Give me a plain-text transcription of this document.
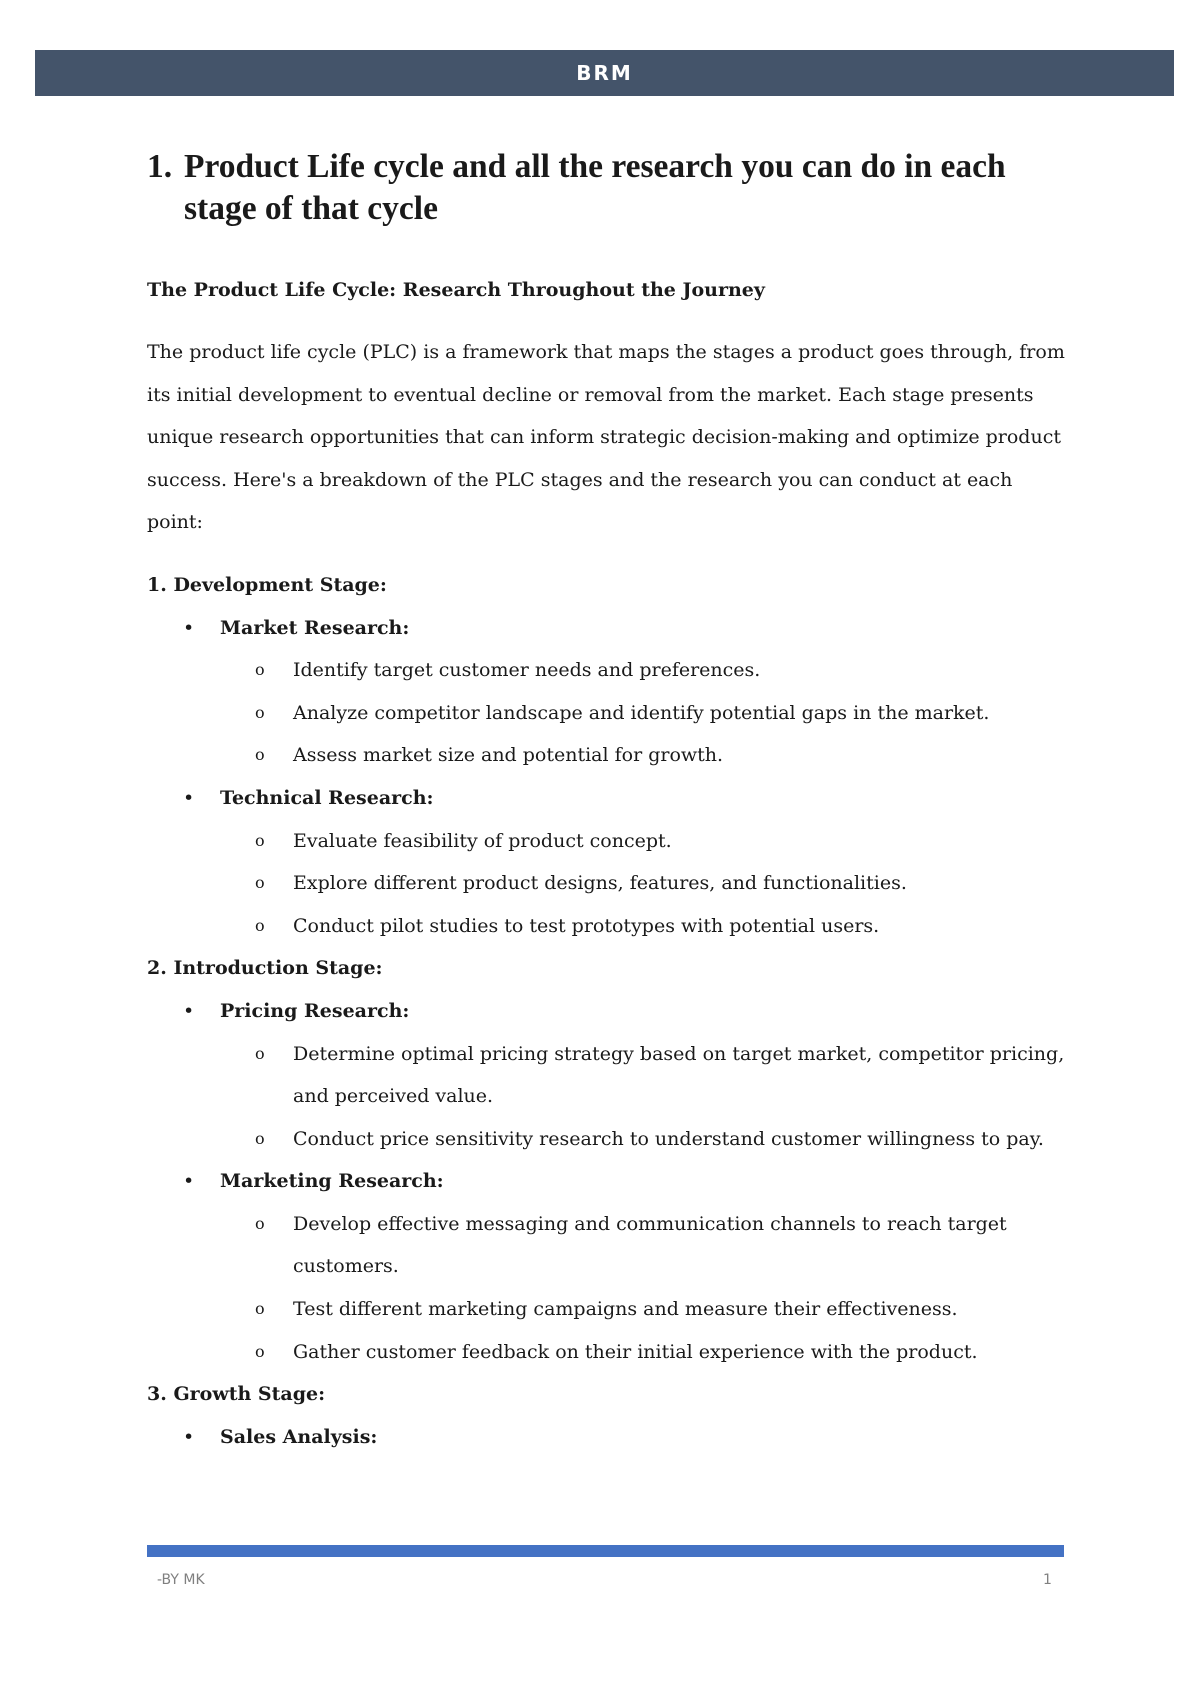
BRM
1. Product Life cycle and all the research you can do in each stage of that cycle
The Product Life Cycle: Research Throughout the Journey
The product life cycle (PLC) is a framework that maps the stages a product goes through, from its initial development to eventual decline or removal from the market. Each stage presents unique research opportunities that can inform strategic decision-making and optimize product success. Here's a breakdown of the PLC stages and the research you can conduct at each point:
1. Development Stage:
• Market Research:
o Identify target customer needs and preferences.
o Analyze competitor landscape and identify potential gaps in the market.
o Assess market size and potential for growth.
• Technical Research:
o Evaluate feasibility of product concept.
o Explore different product designs, features, and functionalities.
o Conduct pilot studies to test prototypes with potential users.
2. Introduction Stage:
• Pricing Research:
o Determine optimal pricing strategy based on target market, competitor pricing, and perceived value.
o Conduct price sensitivity research to understand customer willingness to pay.
• Marketing Research:
o Develop effective messaging and communication channels to reach target customers.
o Test different marketing campaigns and measure their effectiveness.
o Gather customer feedback on their initial experience with the product.
3. Growth Stage:
• Sales Analysis:
-BY MK	1
